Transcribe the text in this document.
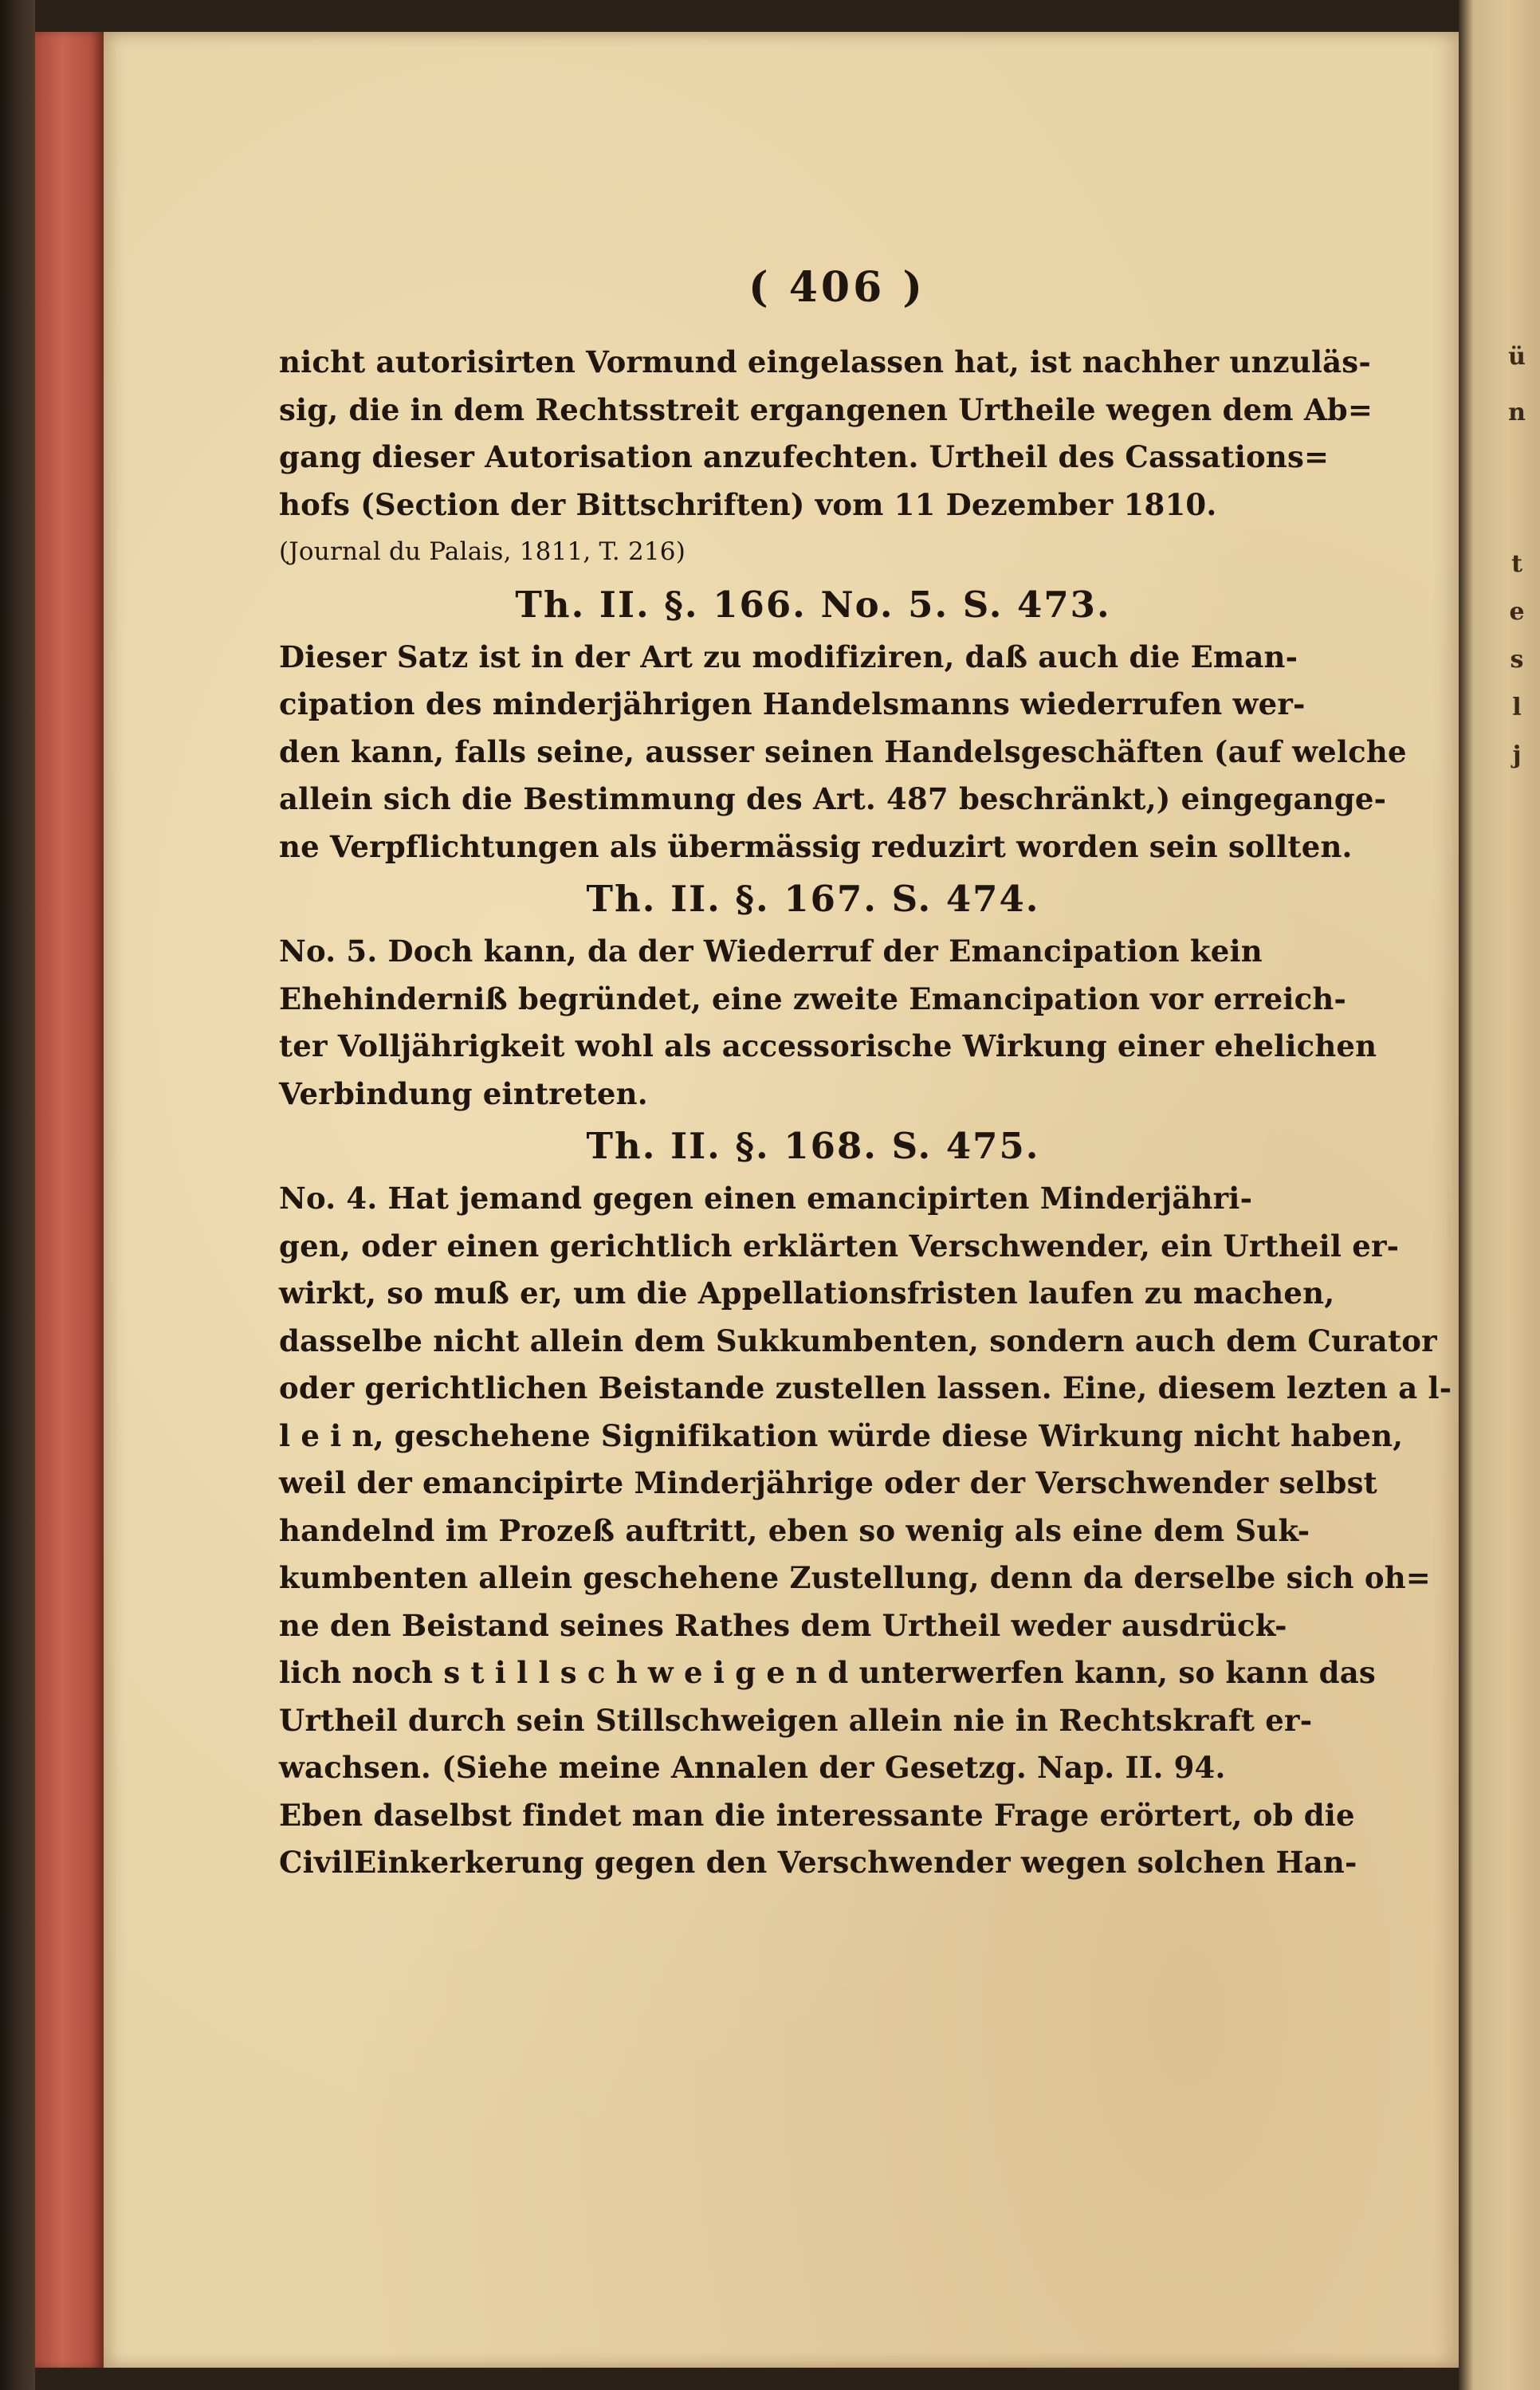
ü
n
t
e
s
l
j
( 406 )
nicht autorisirten Vormund eingelassen hat, ist nachher unzuläs-
sig, die in dem Rechtsstreit ergangenen Urtheile wegen dem Ab=
gang dieser Autorisation anzufechten. Urtheil des Cassations=
hofs (Section der Bittschriften) vom 11 Dezember 1810.
(Journal du Palais, 1811, T. 216)
Th. II. §. 166. No. 5. S. 473.
Dieser Satz ist in der Art zu modifiziren, daß auch die Eman-
cipation des minderjährigen Handelsmanns wiederrufen wer-
den kann, falls seine, ausser seinen Handelsgeschäften (auf welche
allein sich die Bestimmung des Art. 487 beschränkt,) eingegange-
ne Verpflichtungen als übermässig reduzirt worden sein sollten.
Th. II. §. 167. S. 474.
No. 5. Doch kann, da der Wiederruf der Emancipation kein
Ehehinderniß begründet, eine zweite Emancipation vor erreich-
ter Volljährigkeit wohl als accessorische Wirkung einer ehelichen
Verbindung eintreten.
Th. II. §. 168. S. 475.
No. 4. Hat jemand gegen einen emancipirten Minderjähri-
gen, oder einen gerichtlich erklärten Verschwender, ein Urtheil er-
wirkt, so muß er, um die Appellationsfristen laufen zu machen,
dasselbe nicht allein dem Sukkumbenten, sondern auch dem Curator
oder gerichtlichen Beistande zustellen lassen. Eine, diesem lezten a l-
l e i n, geschehene Signifikation würde diese Wirkung nicht haben,
weil der emancipirte Minderjährige oder der Verschwender selbst
handelnd im Prozeß auftritt, eben so wenig als eine dem Suk-
kumbenten allein geschehene Zustellung, denn da derselbe sich oh=
ne den Beistand seines Rathes dem Urtheil weder ausdrück-
lich noch s t i l l s c h w e i g e n d unterwerfen kann, so kann das
Urtheil durch sein Stillschweigen allein nie in Rechtskraft er-
wachsen. (Siehe meine Annalen der Gesetzg. Nap. II. 94.
Eben daselbst findet man die interessante Frage erörtert, ob die
CivilEinkerkerung gegen den Verschwender wegen solchen Han-
